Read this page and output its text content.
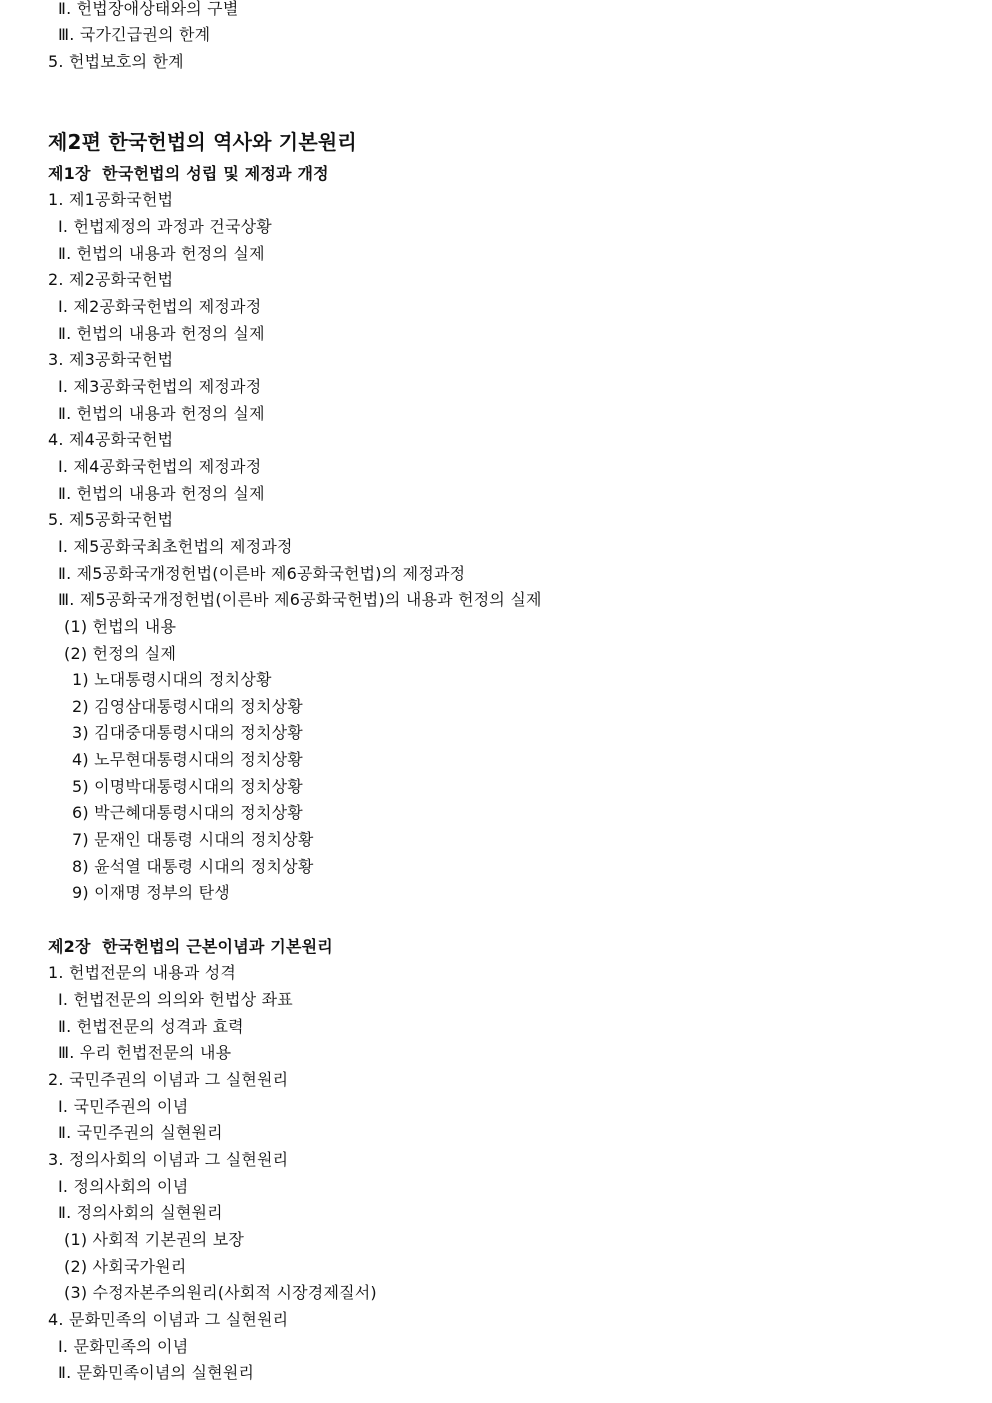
Ⅱ. 헌법장애상태와의 구별
Ⅲ. 국가긴급권의 한계
5. 헌법보호의 한계
제2편 한국헌법의 역사와 기본원리
제1장  한국헌법의 성립 및 제정과 개정
1. 제1공화국헌법
Ⅰ. 헌법제정의 과정과 건국상황
Ⅱ. 헌법의 내용과 헌정의 실제
2. 제2공화국헌법
Ⅰ. 제2공화국헌법의 제정과정
Ⅱ. 헌법의 내용과 헌정의 실제
3. 제3공화국헌법
Ⅰ. 제3공화국헌법의 제정과정
Ⅱ. 헌법의 내용과 헌정의 실제
4. 제4공화국헌법
Ⅰ. 제4공화국헌법의 제정과정
Ⅱ. 헌법의 내용과 헌정의 실제
5. 제5공화국헌법
Ⅰ. 제5공화국최초헌법의 제정과정
Ⅱ. 제5공화국개정헌법(이른바 제6공화국헌법)의 제정과정
Ⅲ. 제5공화국개정헌법(이른바 제6공화국헌법)의 내용과 헌정의 실제
(1) 헌법의 내용
(2) 헌정의 실제
1) 노대통령시대의 정치상황
2) 김영삼대통령시대의 정치상황
3) 김대중대통령시대의 정치상황
4) 노무현대통령시대의 정치상황
5) 이명박대통령시대의 정치상황
6) 박근혜대통령시대의 정치상황
7) 문재인 대통령 시대의 정치상황
8) 윤석열 대통령 시대의 정치상황
9) 이재명 정부의 탄생
제2장  한국헌법의 근본이념과 기본원리
1. 헌법전문의 내용과 성격
Ⅰ. 헌법전문의 의의와 헌법상 좌표
Ⅱ. 헌법전문의 성격과 효력
Ⅲ. 우리 헌법전문의 내용
2. 국민주권의 이념과 그 실현원리
Ⅰ. 국민주권의 이념
Ⅱ. 국민주권의 실현원리
3. 정의사회의 이념과 그 실현원리
Ⅰ. 정의사회의 이념
Ⅱ. 정의사회의 실현원리
(1) 사회적 기본권의 보장
(2) 사회국가원리
(3) 수정자본주의원리(사회적 시장경제질서)
4. 문화민족의 이념과 그 실현원리
Ⅰ. 문화민족의 이념
Ⅱ. 문화민족이념의 실현원리
